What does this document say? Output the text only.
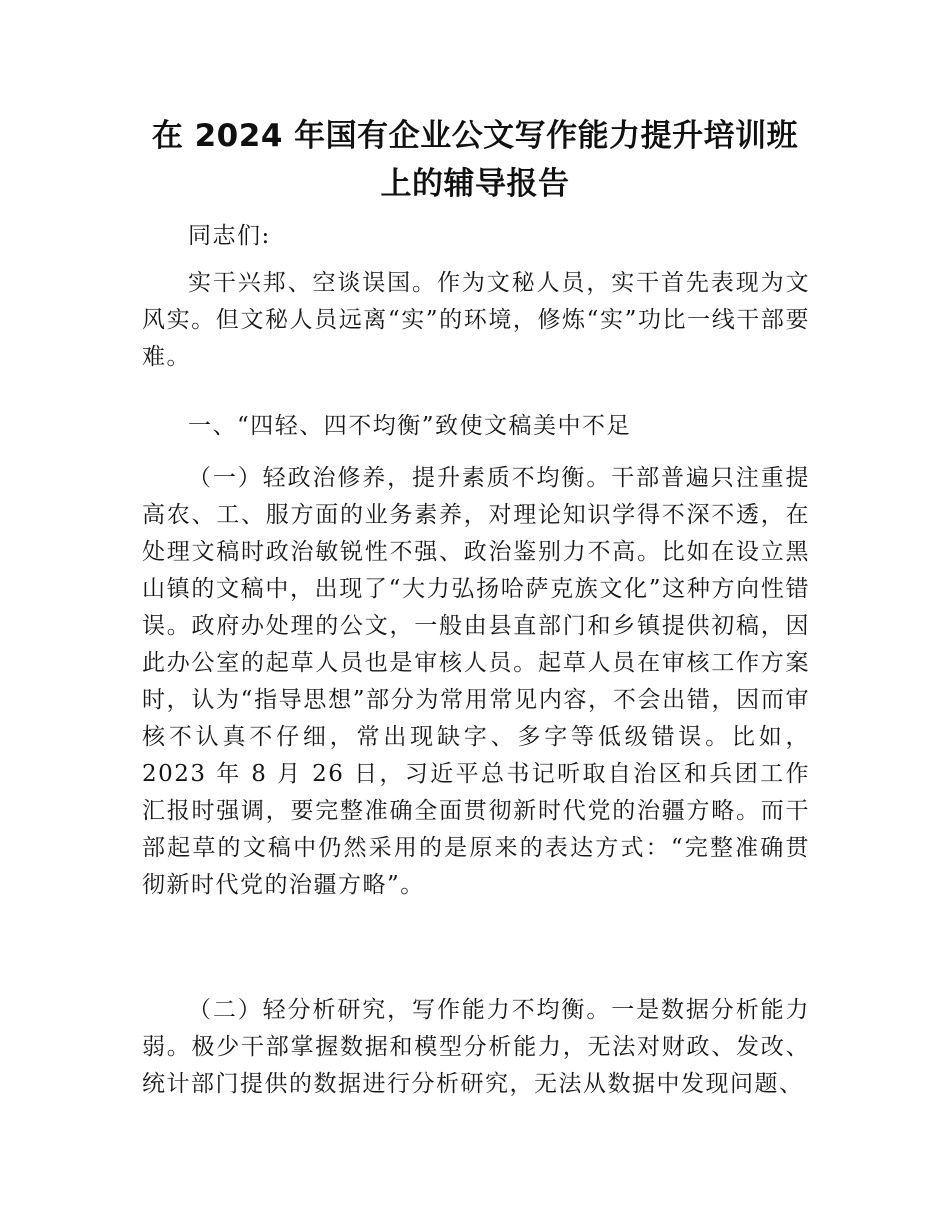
在 2024 年国有企业公文写作能力提升培训班上的辅导报告

同志们:

实干兴邦、空谈误国。作为文秘人员，实干首先表现为文风实。但文秘人员远离“实”的环境，修炼“实”功比一线干部要难。

一、“四轻、四不均衡”致使文稿美中不足

（一）轻政治修养，提升素质不均衡。干部普遍只注重提高农、工、服方面的业务素养，对理论知识学得不深不透，在处理文稿时政治敏锐性不强、政治鉴别力不高。比如在设立黑山镇的文稿中，出现了“大力弘扬哈萨克族文化”这种方向性错误。政府办处理的公文，一般由县直部门和乡镇提供初稿，因此办公室的起草人员也是审核人员。起草人员在审核工作方案时，认为“指导思想”部分为常用常见内容，不会出错，因而审核不认真不仔细，常出现缺字、多字等低级错误。比如，2023 年 8 月 26 日，习近平总书记听取自治区和兵团工作汇报时强调，要完整准确全面贯彻新时代党的治疆方略。而干部起草的文稿中仍然采用的是原来的表达方式：“完整准确贯彻新时代党的治疆方略”。

（二）轻分析研究，写作能力不均衡。一是数据分析能力弱。极少干部掌握数据和模型分析能力，无法对财政、发改、统计部门提供的数据进行分析研究，无法从数据中发现问题、
